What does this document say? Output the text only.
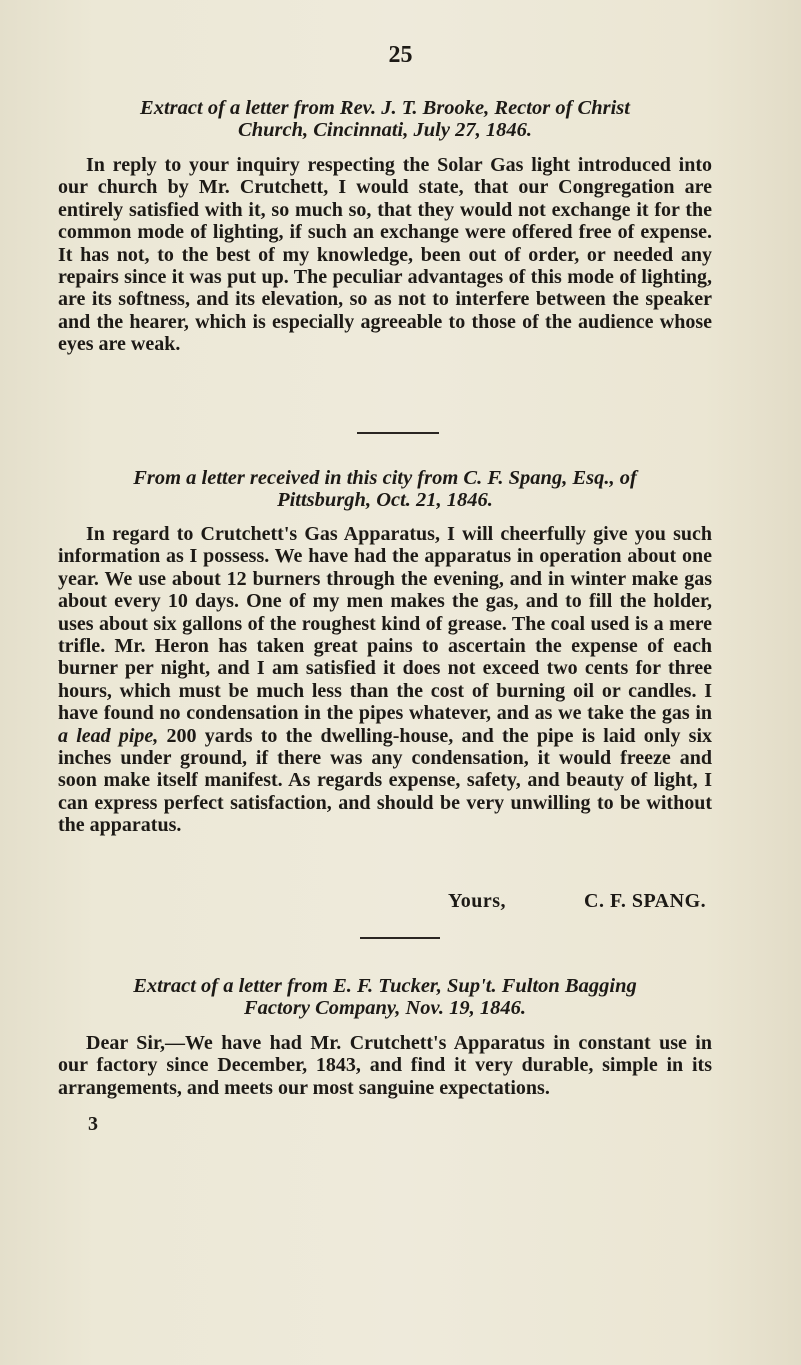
25

Extract of a letter from Rev. J. T. Brooke, Rector of Christ

Church, Cincinnati, July 27, 1846.

In reply to your inquiry respecting the Solar Gas light introduced into our church by Mr. Crutchett, I would state, that our Congregation are entirely satisfied with it, so much so, that they would not exchange it for the common mode of lighting, if such an exchange were offered free of expense. It has not, to the best of my knowledge, been out of order, or needed any repairs since it was put up. The peculiar advantages of this mode of lighting, are its softness, and its elevation, so as not to interfere between the speaker and the hearer, which is especially agreeable to those of the audience whose eyes are weak.

From a letter received in this city from C. F. Spang, Esq., of

Pittsburgh, Oct. 21, 1846.

In regard to Crutchett's Gas Apparatus, I will cheerfully give you such information as I possess. We have had the apparatus in operation about one year. We use about 12 burners through the evening, and in winter make gas about every 10 days. One of my men makes the gas, and to fill the holder, uses about six gallons of the roughest kind of grease. The coal used is a mere trifle. Mr. Heron has taken great pains to ascertain the expense of each burner per night, and I am satisfied it does not exceed two cents for three hours, which must be much less than the cost of burning oil or candles. I have found no condensation in the pipes whatever, and as we take the gas in a lead pipe, 200 yards to the dwelling-house, and the pipe is laid only six inches under ground, if there was any condensation, it would freeze and soon make itself manifest. As regards expense, safety, and beauty of light, I can express perfect satisfaction, and should be very unwilling to be without the apparatus.

Yours,	C. F. SPANG.

Extract of a letter from E. F. Tucker, Sup't. Fulton Bagging

Factory Company, Nov. 19, 1846.

Dear Sir,—We have had Mr. Crutchett's Apparatus in constant use in our factory since December, 1843, and find it very durable, simple in its arrangements, and meets our most sanguine expectations.

3
